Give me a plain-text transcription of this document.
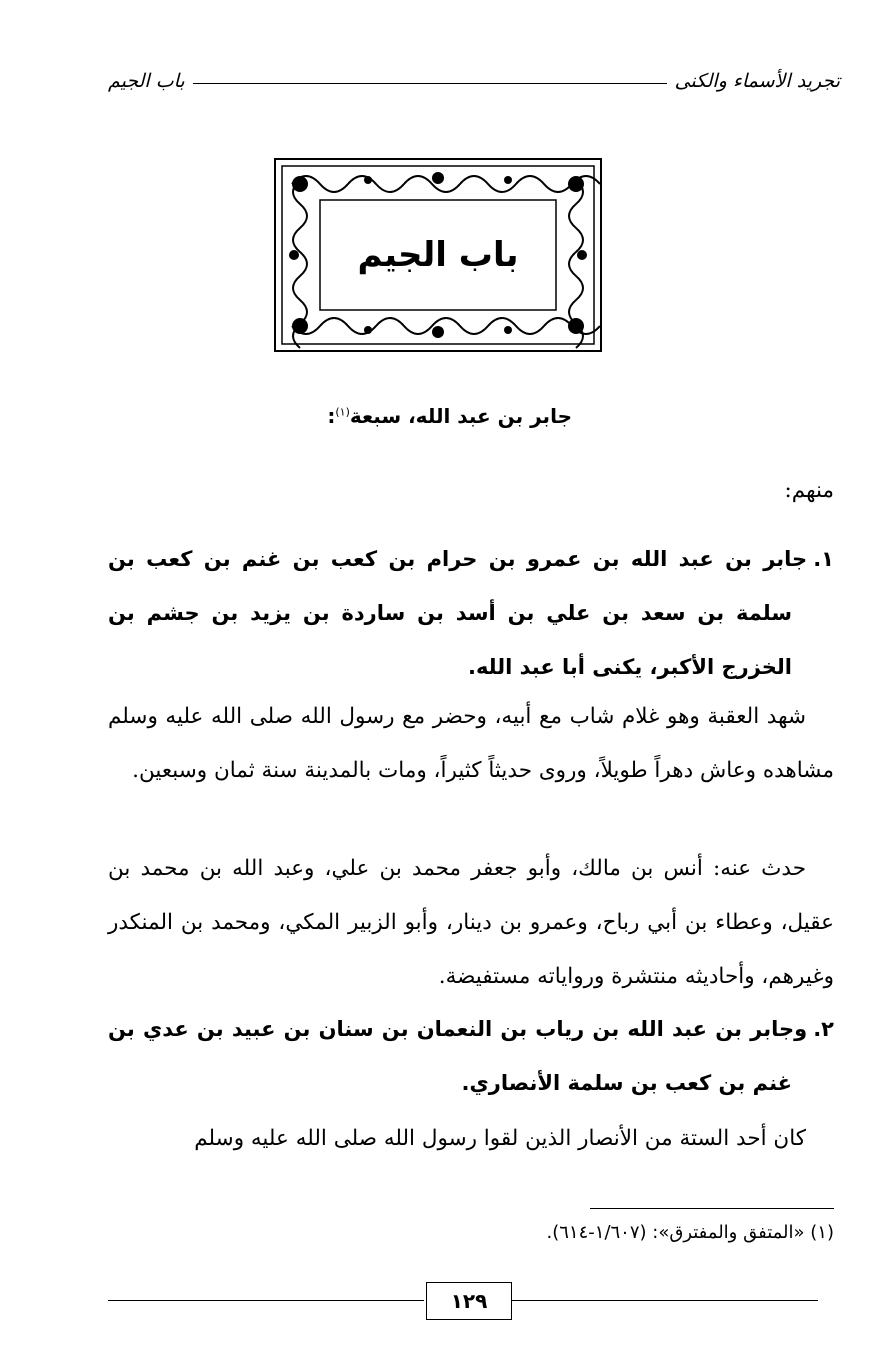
تجريد الأسماء والكنى
باب الجيم
باب الجيم
جابر بن عبد الله، سبعة$^{(١)}$:
منهم:
١.جابر بن عبد الله بن عمرو بن حرام بن كعب بن غنم بن كعب بن سلمة بن سعد بن علي بن أسد بن ساردة بن يزيد بن جشم بن الخزرج الأكبر، يكنى أبا عبد الله.
شهد العقبة وهو غلام شاب مع أبيه، وحضر مع رسول الله صلى الله عليه وسلم مشاهده وعاش دهراً طويلاً، وروى حديثاً كثيراً، ومات بالمدينة سنة ثمان وسبعين.
حدث عنه: أنس بن مالك، وأبو جعفر محمد بن علي، وعبد الله بن محمد بن عقيل، وعطاء بن أبي رباح، وعمرو بن دينار، وأبو الزبير المكي، ومحمد بن المنكدر وغيرهم، وأحاديثه منتشرة ورواياته مستفيضة.
٢.وجابر بن عبد الله بن رياب بن النعمان بن سنان بن عبيد بن عدي بن غنم بن كعب بن سلمة الأنصاري.
كان أحد الستة من الأنصار الذين لقوا رسول الله صلى الله عليه وسلم
(١) «المتفق والمفترق»: (١/٦٠٧-٦١٤).
١٢٩
